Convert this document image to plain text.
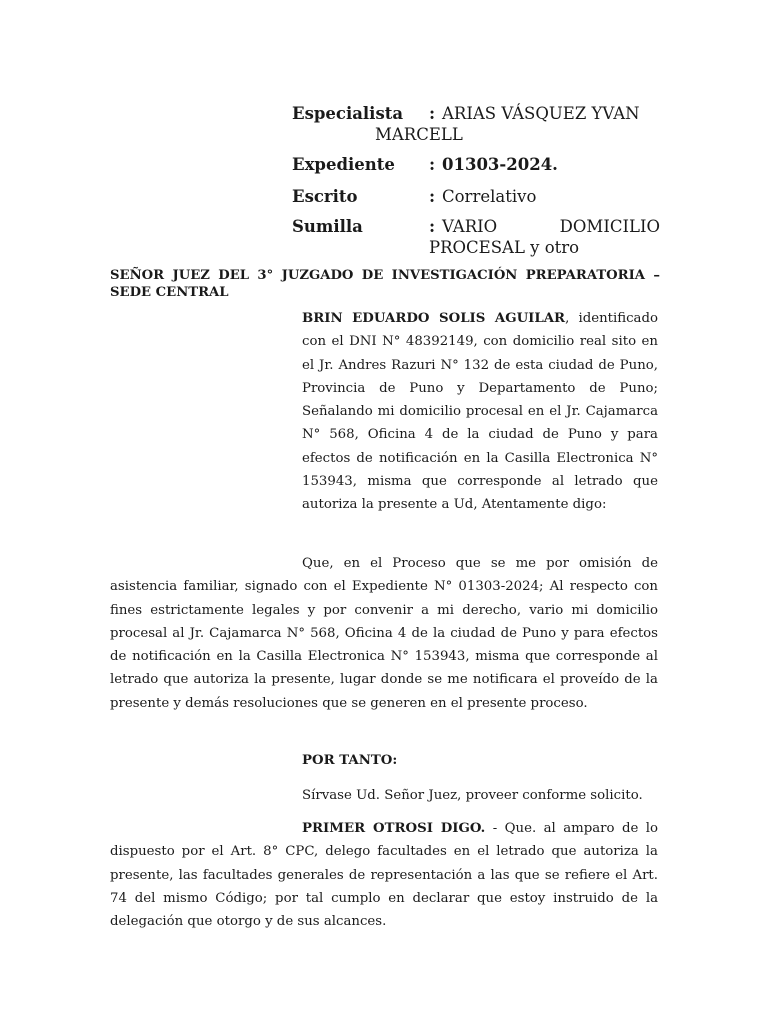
Especialista : ARIAS VÁSQUEZ YVAN
MARCELL
Expediente : 01303-2024.
Escrito	: Correlativo
Sumilla	: VARIO	DOMICILIO
PROCESAL y otro
SEÑOR JUEZ DEL 3° JUZGADO DE INVESTIGACIÓN PREPARATORIA – SEDE CENTRAL
BRIN EDUARDO SOLIS AGUILAR, identificado con el DNI N° 48392149, con domicilio real sito en el Jr. Andres Razuri N° 132 de esta ciudad de Puno, Provincia de Puno y Departamento de Puno; Señalando mi domicilio procesal en el Jr. Cajamarca N° 568, Oficina 4 de la ciudad de Puno y para efectos de notificación en la Casilla Electronica N° 153943, misma que corresponde al letrado que autoriza la presente a Ud, Atentamente digo:
Que, en el Proceso que se me por omisión de asistencia familiar, signado con el Expediente N° 01303-2024; Al respecto con fines estrictamente legales y por convenir a mi derecho, vario mi domicilio procesal al Jr. Cajamarca N° 568, Oficina 4 de la ciudad de Puno y para efectos de notificación en la Casilla Electronica N° 153943, misma que corresponde al letrado que autoriza la presente, lugar donde se me notificara el proveído de la presente y demás resoluciones que se generen en el presente proceso.
POR TANTO:
Sírvase Ud. Señor Juez, proveer conforme solicito.
PRIMER OTROSI DIGO. - Que. al amparo de lo dispuesto por el Art. 8° CPC, delego facultades en el letrado que autoriza la presente, las facultades generales de representación a las que se refiere el Art. 74 del mismo Código; por tal cumplo en declarar que estoy instruido de la delegación que otorgo y de sus alcances.
